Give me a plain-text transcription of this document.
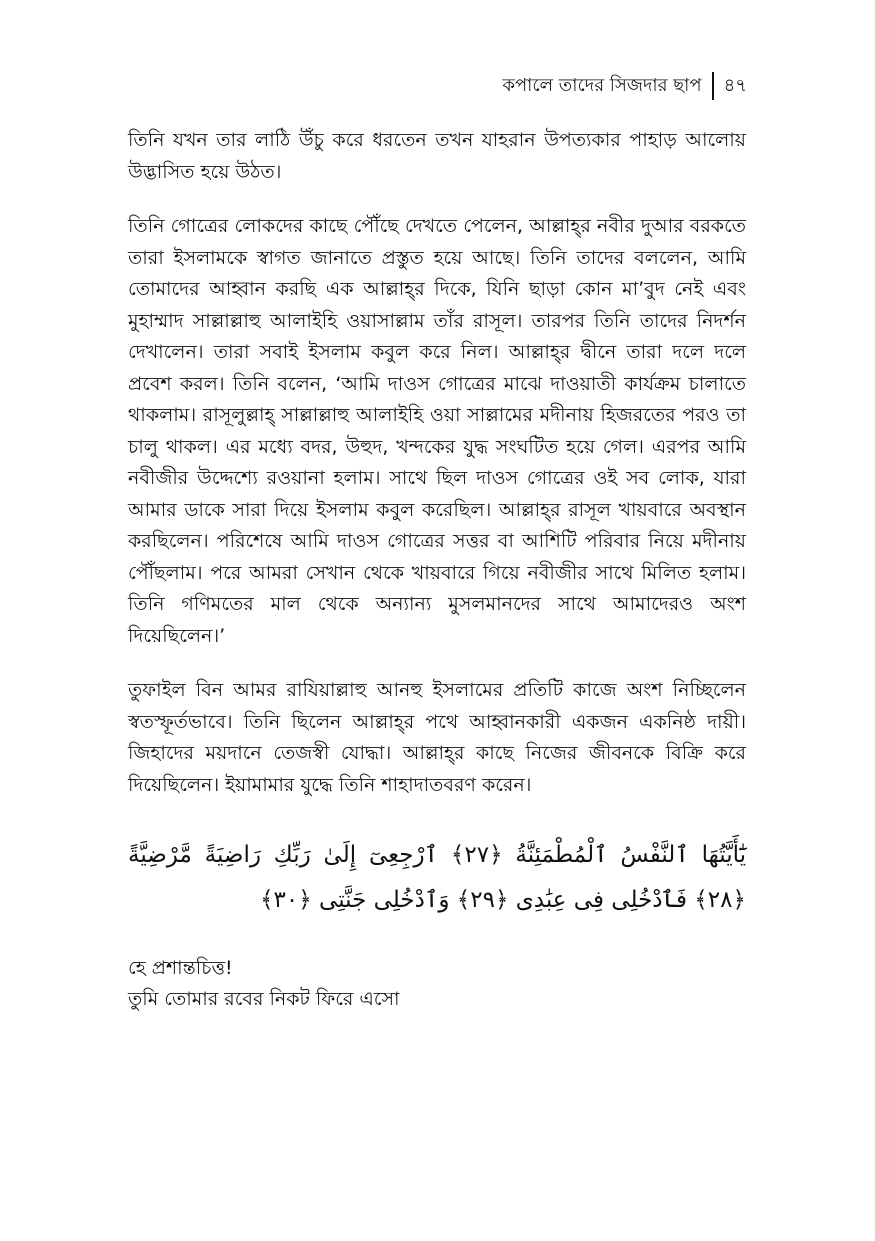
কপালে তাদের সিজদার ছাপ	৪৭

তিনি যখন তার লাঠি উঁচু করে ধরতেন তখন যাহরান উপত্যকার পাহাড় আলোয় উদ্ভাসিত হয়ে উঠত।

তিনি গোত্রের লোকদের কাছে পৌঁছে দেখতে পেলেন, আল্লাহ্‌র নবীর দুআর বরকতে তারা ইসলামকে স্বাগত জানাতে প্রস্তুত হয়ে আছে। তিনি তাদের বললেন, আমি তোমাদের আহ্বান করছি এক আল্লাহ্‌র দিকে, যিনি ছাড়া কোন মা’বুদ নেই এবং মুহাম্মাদ সাল্লাল্লাহু আলাইহি ওয়াসাল্লাম তাঁর রাসূল। তারপর তিনি তাদের নিদর্শন দেখালেন। তারা সবাই ইসলাম কবুল করে নিল। আল্লাহ্‌র দ্বীনে তারা দলে দলে প্রবেশ করল। তিনি বলেন, ‘আমি দাওস গোত্রের মাঝে দাওয়াতী কার্যক্রম চালাতে থাকলাম। রাসূলুল্লাহ্ সাল্লাল্লাহু আলাইহি ওয়া সাল্লামের মদীনায় হিজরতের পরও তা চালু থাকল। এর মধ্যে বদর, উহুদ, খন্দকের যুদ্ধ সংঘটিত হয়ে গেল। এরপর আমি নবীজীর উদ্দেশ্যে রওয়ানা হলাম। সাথে ছিল দাওস গোত্রের ওই সব লোক, যারা আমার ডাকে সারা দিয়ে ইসলাম কবুল করেছিল। আল্লাহ্‌র রাসূল খায়বারে অবস্থান করছিলেন। পরিশেষে আমি দাওস গোত্রের সত্তর বা আশিটি পরিবার নিয়ে মদীনায় পৌঁছলাম। পরে আমরা সেখান থেকে খায়বারে গিয়ে নবীজীর সাথে মিলিত হলাম। তিনি গণিমতের মাল থেকে অন্যান্য মুসলমানদের সাথে আমাদেরও অংশ দিয়েছিলেন।’

তুফাইল বিন আমর রাযিয়াল্লাহু আনহু ইসলামের প্রতিটি কাজে অংশ নিচ্ছিলেন স্বতস্ফূর্তভাবে। তিনি ছিলেন আল্লাহ্‌র পথে আহ্বানকারী একজন একনিষ্ঠ দায়ী। জিহাদের ময়দানে তেজস্বী যোদ্ধা। আল্লাহ্‌র কাছে নিজের জীবনকে বিক্রি করে দিয়েছিলেন। ইয়ামামার যুদ্ধে তিনি শাহাদাতবরণ করেন।

يَٰٓأَيَّتُهَا ٱلنَّفْسُ ٱلْمُطْمَئِنَّةُ ﴿٢٧﴾ ٱرْجِعِىٓ إِلَىٰ رَبِّكِ رَاضِيَةً مَّرْضِيَّةً ﴿٢٨﴾ فَٱدْخُلِى فِى عِبَٰدِى ﴿٢٩﴾ وَٱدْخُلِى جَنَّتِى ﴿٣٠﴾

হে প্রশান্তচিত্ত!
তুমি তোমার রবের নিকট ফিরে এসো
